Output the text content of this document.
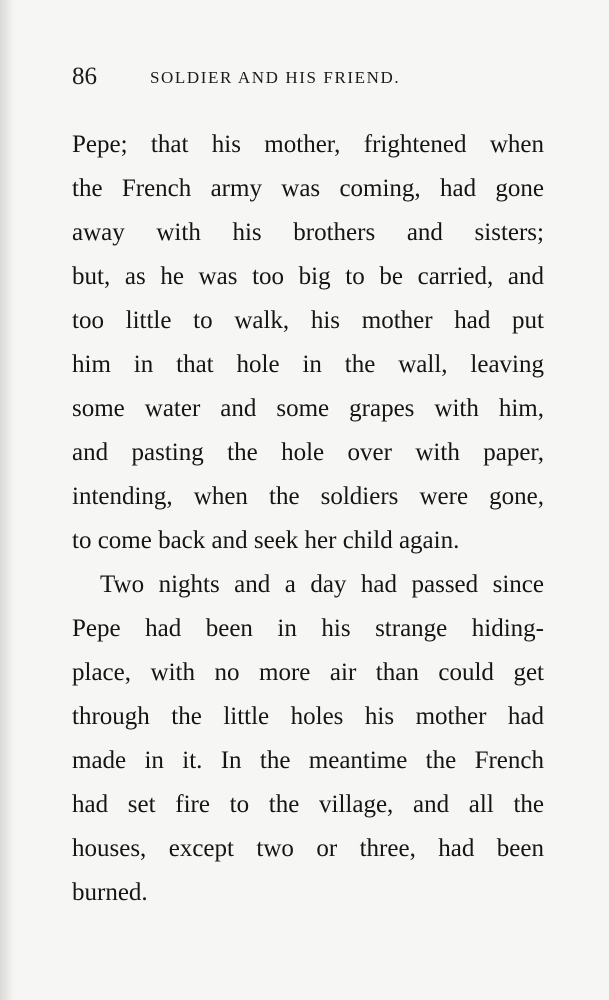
86	SOLDIER AND HIS FRIEND.
Pepe; that his mother, frightened when
the French army was coming, had gone
away with his brothers and sisters;
but, as he was too big to be carried, and
too little to walk, his mother had put
him in that hole in the wall, leaving
some water and some grapes with him,
and pasting the hole over with paper,
intending, when the soldiers were gone,
to come back and seek her child again.
Two nights and a day had passed since
Pepe had been in his strange hiding-
place, with no more air than could get
through the little holes his mother had
made in it. In the meantime the French
had set fire to the village, and all the
houses, except two or three, had been
burned.
